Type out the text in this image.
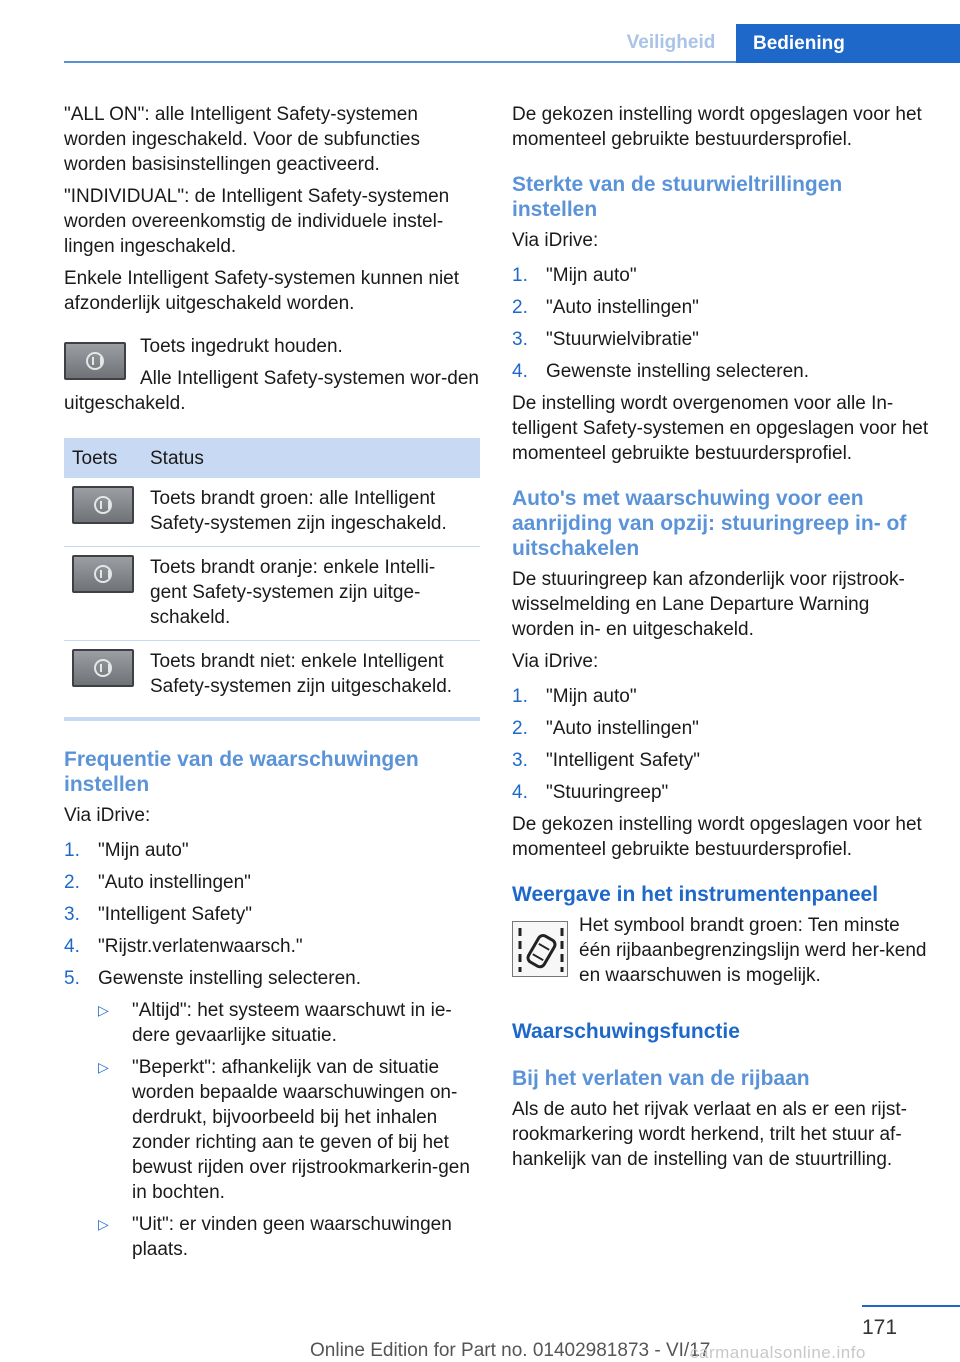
Veiligheid	Bediening

"ALL ON": alle Intelligent Safety-systemen worden ingeschakeld. Voor de subfuncties worden basisinstellingen geactiveerd.

"INDIVIDUAL": de Intelligent Safety-systemen worden overeenkomstig de individuele instel-lingen ingeschakeld.

Enkele Intelligent Safety-systemen kunnen niet afzonderlijk uitgeschakeld worden.

Toets ingedrukt houden.

Alle Intelligent Safety-systemen wor-den uitgeschakeld.

Toets	Status

	Toets brandt groen: alle Intelligent Safety-systemen zijn ingeschakeld.

	Toets brandt oranje: enkele Intelli-gent Safety-systemen zijn uitge-schakeld.

	Toets brandt niet: enkele Intelligent Safety-systemen zijn uitgeschakeld.
Frequentie van de waarschuwingen instellen

Via iDrive:

1. "Mijn auto"
2. "Auto instellingen"
3. "Intelligent Safety"
4. "Rijstr.verlatenwaarsch."
5. Gewenste instelling selecteren.
▷ "Altijd": het systeem waarschuwt in ie-dere gevaarlijke situatie.
▷ "Beperkt": afhankelijk van de situatie worden bepaalde waarschuwingen on-derdrukt, bijvoorbeeld bij het inhalen zonder richting aan te geven of bij het bewust rijden over rijstrookmarkerin-gen in bochten.
▷ "Uit": er vinden geen waarschuwingen plaats.

De gekozen instelling wordt opgeslagen voor het momenteel gebruikte bestuurdersprofiel.

Sterkte van de stuurwieltrillingen instellen

Via iDrive:

1. "Mijn auto"
2. "Auto instellingen"
3. "Stuurwielvibratie"
4. Gewenste instelling selecteren.

De instelling wordt overgenomen voor alle In-telligent Safety-systemen en opgeslagen voor het momenteel gebruikte bestuurdersprofiel.

Auto's met waarschuwing voor een aanrijding van opzij: stuuringreep in- of uitschakelen

De stuuringreep kan afzonderlijk voor rijstrook-wisselmelding en Lane Departure Warning worden in- en uitgeschakeld.

Via iDrive:

1. "Mijn auto"
2. "Auto instellingen"
3. "Intelligent Safety"
4. "Stuuringreep"

De gekozen instelling wordt opgeslagen voor het momenteel gebruikte bestuurdersprofiel.

Weergave in het instrumentenpaneel

Het symbool brandt groen: Ten minste één rijbaanbegrenzingslijn werd her-kend en waarschuwen is mogelijk.

Waarschuwingsfunctie
Bij het verlaten van de rijbaan

Als de auto het rijvak verlaat en als er een rijst-rookmarkering wordt herkend, trilt het stuur af-hankelijk van de instelling van de stuurtrilling.

171
Online Edition for Part no. 01402981873 - VI/17
carmanualsonline.info
